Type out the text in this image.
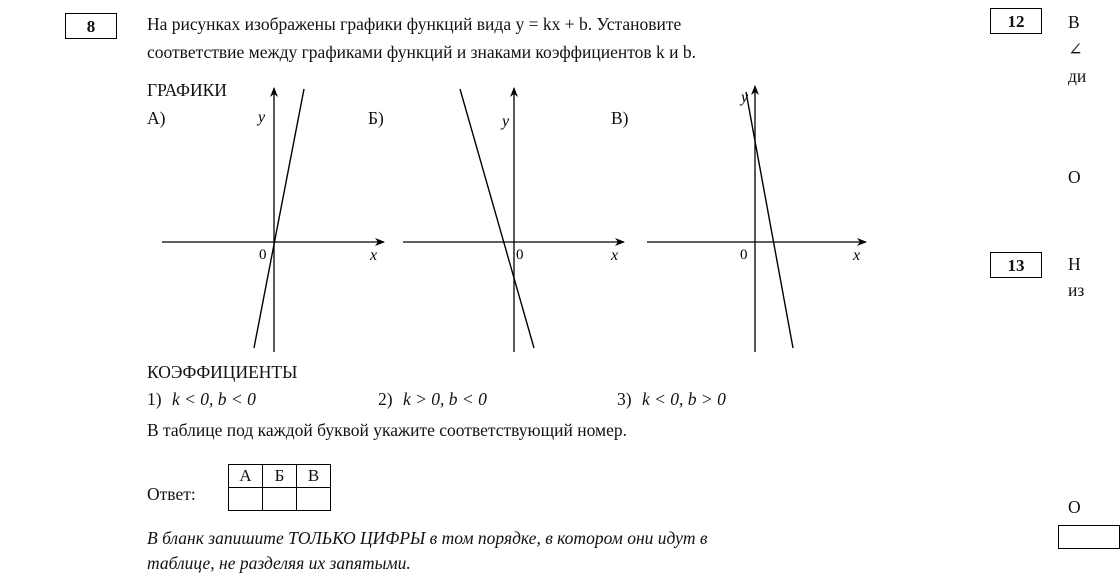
8	На рисунках изображены графики функций вида y = kx + b. Установите
соответствие между графиками функций и знаками коэффициентов k и b.
ГРАФИКИ
А)	Б)	В)
y
x
0
y
x
0
y
x
0
КОЭФФИЦИЕНТЫ
1) k < 0, b < 0	2) k > 0, b < 0	3) k < 0, b > 0
В таблице под каждой буквой укажите соответствующий номер.
Ответ:
А	Б	В

В бланк запишите ТОЛЬКО ЦИФРЫ в том порядке, в котором они идут в
таблице, не разделяя их запятыми.
12	В
∠
ди
О
13	Н
из
О
